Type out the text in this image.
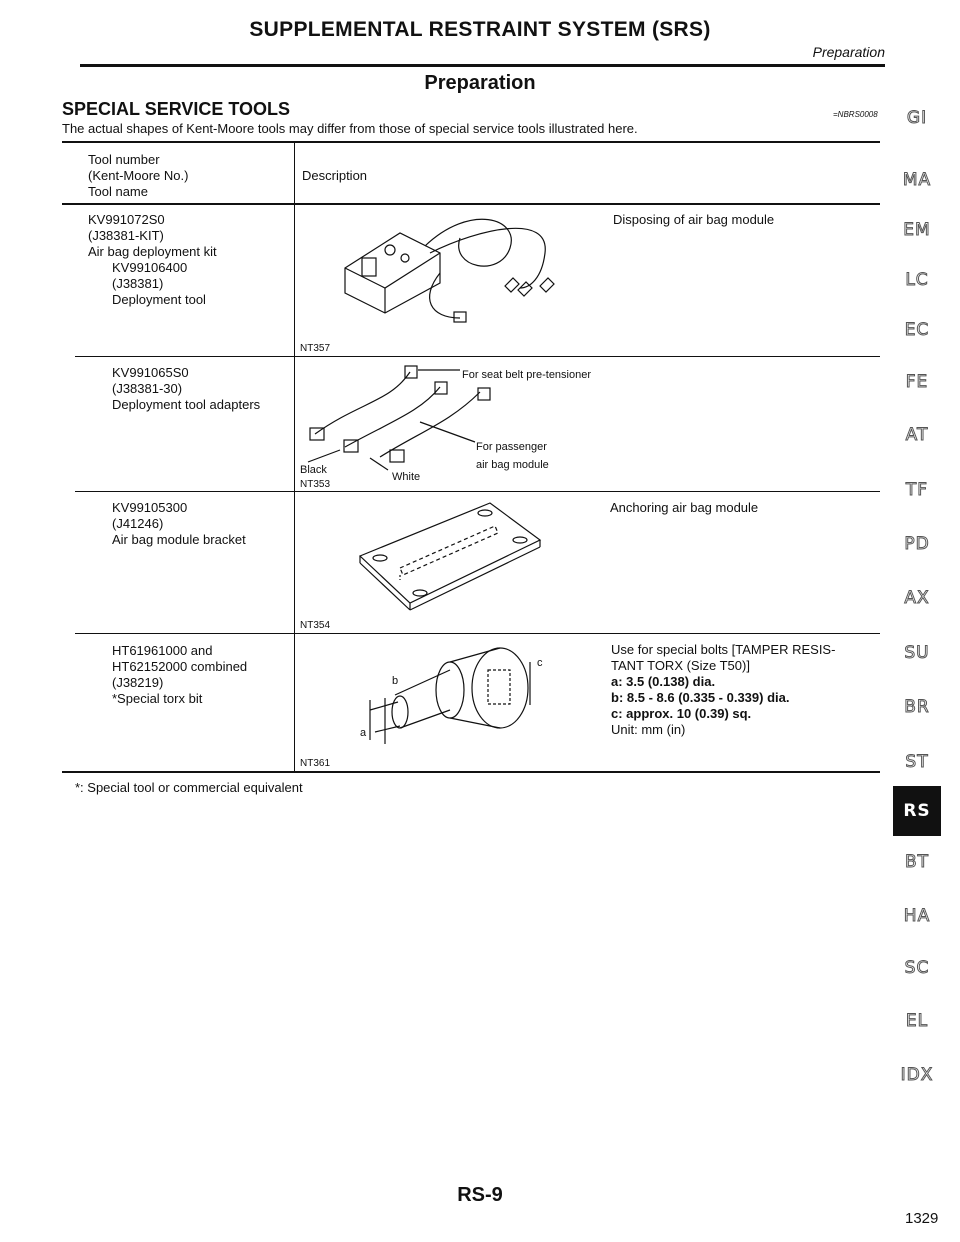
SUPPLEMENTAL RESTRAINT SYSTEM (SRS)
Preparation
Preparation
SPECIAL SERVICE TOOLS	=NBRS0008
The actual shapes of Kent-Moore tools may differ from those of special service tools illustrated here.
Tool number
(Kent-Moore No.)
Tool name
Description
KV991072S0
(J38381-KIT)
Air bag deployment kit
KV99106400
(J38381)
Deployment tool
Disposing of air bag module
NT357
KV991065S0
(J38381-30)
Deployment tool adapters
For seat belt pre-tensioner
For passenger
air bag module
Black
White
NT353
KV99105300
(J41246)
Air bag module bracket
Anchoring air bag module
NT354
HT61961000 and
HT62152000 combined
(J38219)
*Special torx bit
a
b
c
Use for special bolts [TAMPER RESIS-
TANT TORX (Size T50)]
a: 3.5 (0.138) dia.
b: 8.5 - 8.6 (0.335 - 0.339) dia.
c: approx. 10 (0.39) sq.
Unit: mm (in)
NT361
*: Special tool or commercial equivalent
GI
MA
EM
LC
EC
FE
AT
TF
PD
AX
SU
BR
ST
RS
BT
HA
SC
EL
IDX
RS-9
1329
